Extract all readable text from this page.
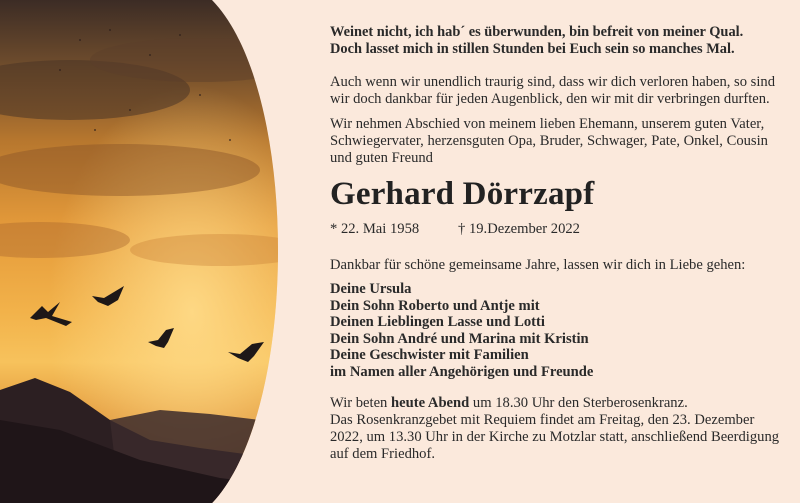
Weinet nicht, ich hab´ es überwunden, bin befreit von meiner Qual.
Doch lasset mich in stillen Stunden bei Euch sein so manches Mal.

Auch wenn wir unendlich traurig sind, dass wir dich verloren haben, so sind wir doch dankbar für jeden Augenblick, den wir mit dir verbringen durften.

Wir nehmen Abschied von meinem lieben Ehemann, unserem guten Vater, Schwiegervater, herzensguten Opa, Bruder, Schwager, Pate, Onkel, Cousin und guten Freund

Gerhard Dörrzapf

* 22. Mai 1958	† 19.Dezember 2022

Dankbar für schöne gemeinsame Jahre, lassen wir dich in Liebe gehen:

Deine Ursula
Dein Sohn Roberto und Antje mit
Deinen Lieblingen Lasse und Lotti
Dein Sohn André und Marina mit Kristin
Deine Geschwister mit Familien
im Namen aller Angehörigen und Freunde

Wir beten heute Abend um 18.30 Uhr den Sterberosenkranz.
Das Rosenkranzgebet mit Requiem findet am Freitag, den 23. Dezember 2022, um 13.30 Uhr in der Kirche zu Motzlar statt, anschließend Beerdigung auf dem Friedhof.
